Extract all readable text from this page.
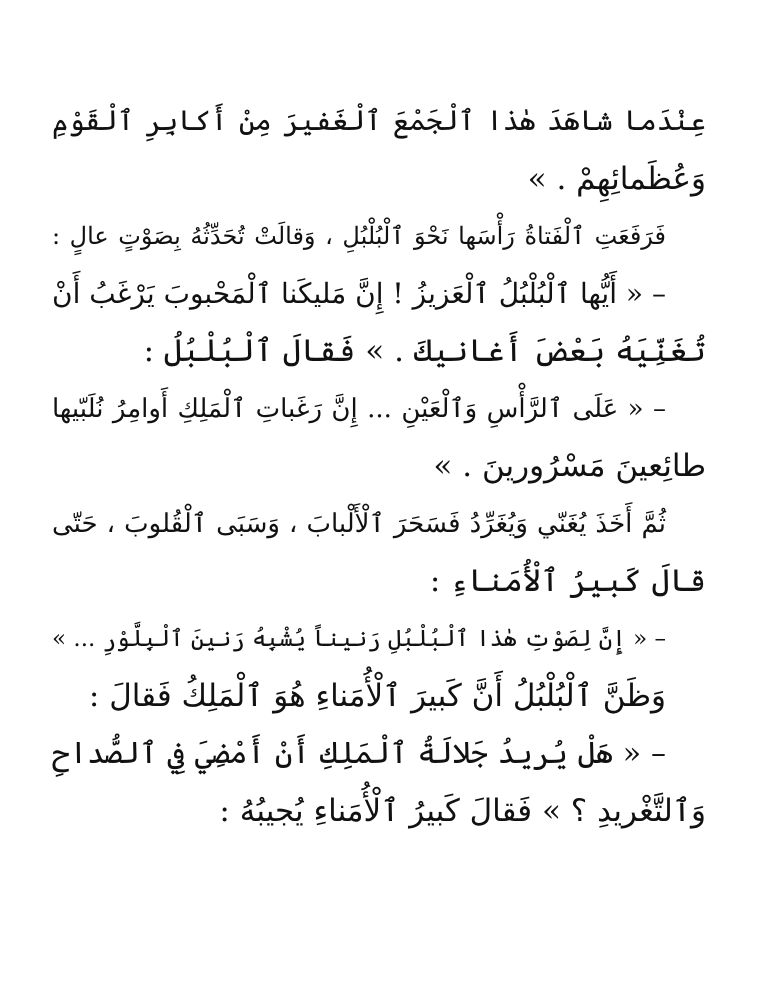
عِنْدَما شاهَدَ هٰذا ٱلْجَمْعَ ٱلْغَفيرَ مِنْ أَكابِرِ ٱلْقَوْمِ
وَعُظَمائِهِمْ . »
فَرَفَعَتِ ٱلْفَتاةُ رَأْسَها نَحْوَ ٱلْبُلْبُلِ ، وَقالَتْ تُحَدِّثُهُ بِصَوْتٍ عالٍ :
– « أَيُّها ٱلْبُلْبُلُ ٱلْعَزيزُ ! إِنَّ مَليكَنا ٱلْمَحْبوبَ يَرْغَبُ أَنْ
تُغَنِّيَهُ بَعْضَ أَغانيكَ . » فَقالَ ٱلْبُلْبُلُ :
– « عَلَى ٱلرَّأْسِ وَٱلْعَيْنِ ... إِنَّ رَغَباتِ ٱلْمَلِكِ أَوامِرُ نُلَبّيها
طائِعينَ مَسْرُورينَ . »
ثُمَّ أَخَذَ يُغَنّي وَيُغَرِّدُ فَسَحَرَ ٱلْأَلْبابَ ، وَسَبَى ٱلْقُلوبَ ، حَتّى
قالَ كَبيرُ ٱلْأُمَناءِ :
– « إِنَّ لِصَوْتِ هٰذا ٱلْبُلْبُلِ رَنيناً يُشْبِهُ رَنينَ ٱلْبِلَّوْرِ ... »
وَظَنَّ ٱلْبُلْبُلُ أَنَّ كَبيرَ ٱلْأُمَناءِ هُوَ ٱلْمَلِكُ فَقالَ :
– « هَلْ يُريدُ جَلالَةُ ٱلْمَلِكِ أَنْ أَمْضِيَ فِي ٱلصُّداحِ
وَٱلتَّغْريدِ ؟ » فَقالَ كَبيرُ ٱلْأُمَناءِ يُجيبُهُ :
